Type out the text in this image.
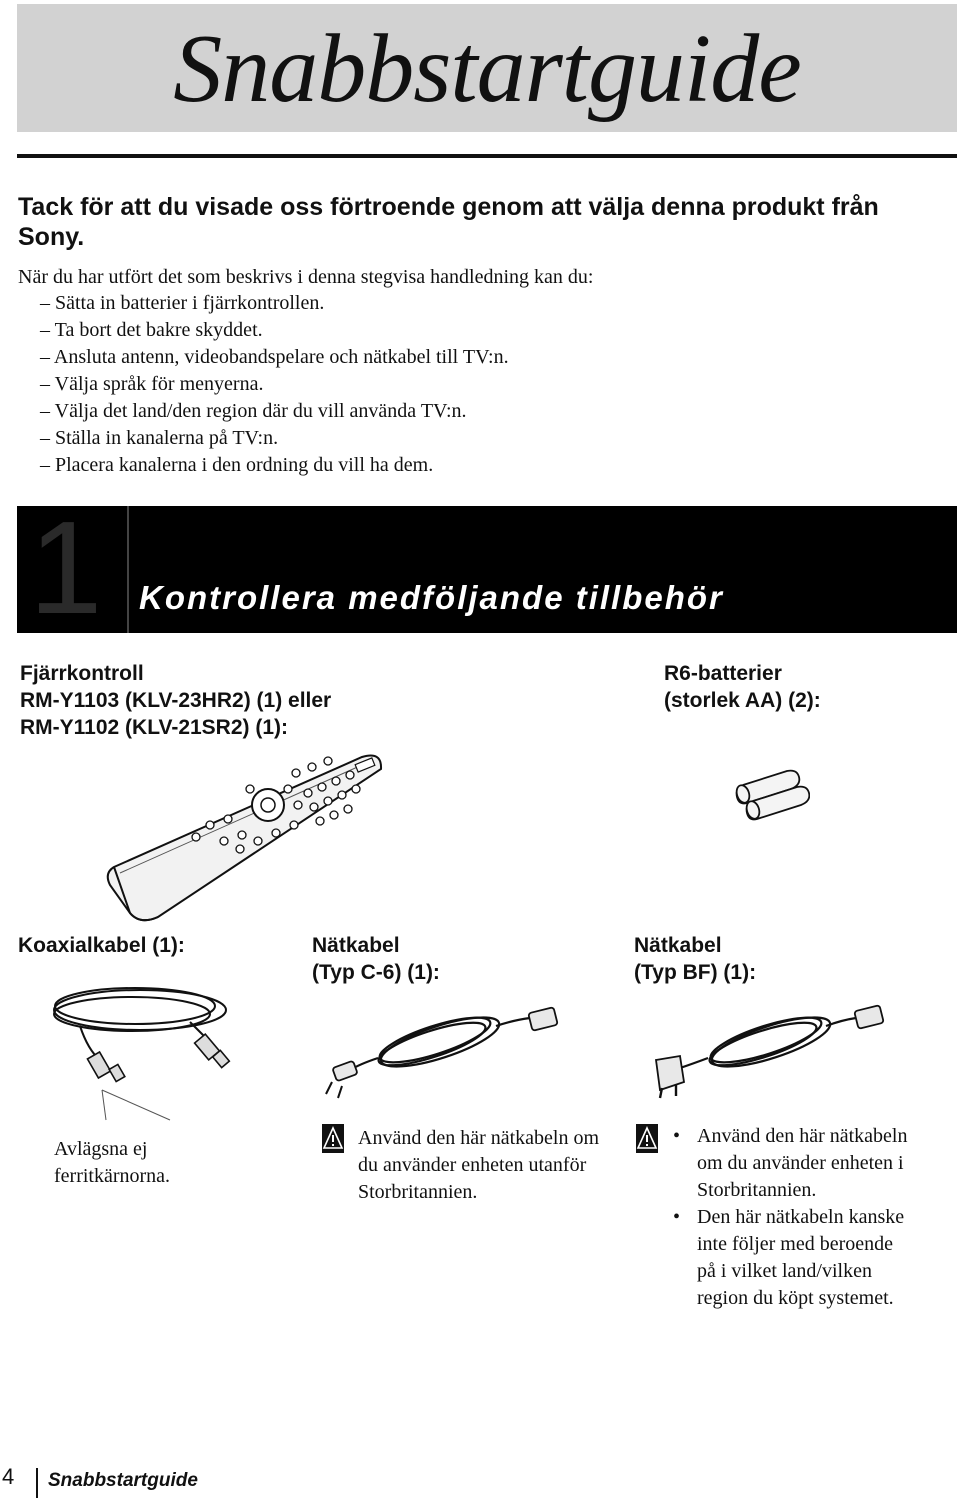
Snabbstartguide
Tack för att du visade oss förtroende genom att välja denna produkt från Sony.
När du har utfört det som beskrivs i denna stegvisa handledning kan du:
– Sätta in batterier i fjärrkontrollen.
– Ta bort det bakre skyddet.
– Ansluta antenn, videobandspelare och nätkabel till TV:n.
– Välja språk för menyerna.
– Välja det land/den region där du vill använda TV:n.
– Ställa in kanalerna på TV:n.
– Placera kanalerna i den ordning du vill ha dem.
1 Kontrollera medföljande tillbehör
Fjärrkontroll
RM-Y1103 (KLV-23HR2) (1) eller
RM-Y1102 (KLV-21SR2) (1):
R6-batterier
(storlek AA) (2):
Koaxialkabel (1):	Nätkabel
(Typ C-6) (1):
Nätkabel
(Typ BF) (1):
Avlägsna ej
ferritkärnorna.
Använd den här nätkabeln om
du använder enheten utanför
Storbritannien.
• Använd den här nätkabeln
om du använder enheten i
Storbritannien.
• Den här nätkabeln kanske
inte följer med beroende
på i vilket land/vilken
region du köpt systemet.
4 Snabbstartguide
